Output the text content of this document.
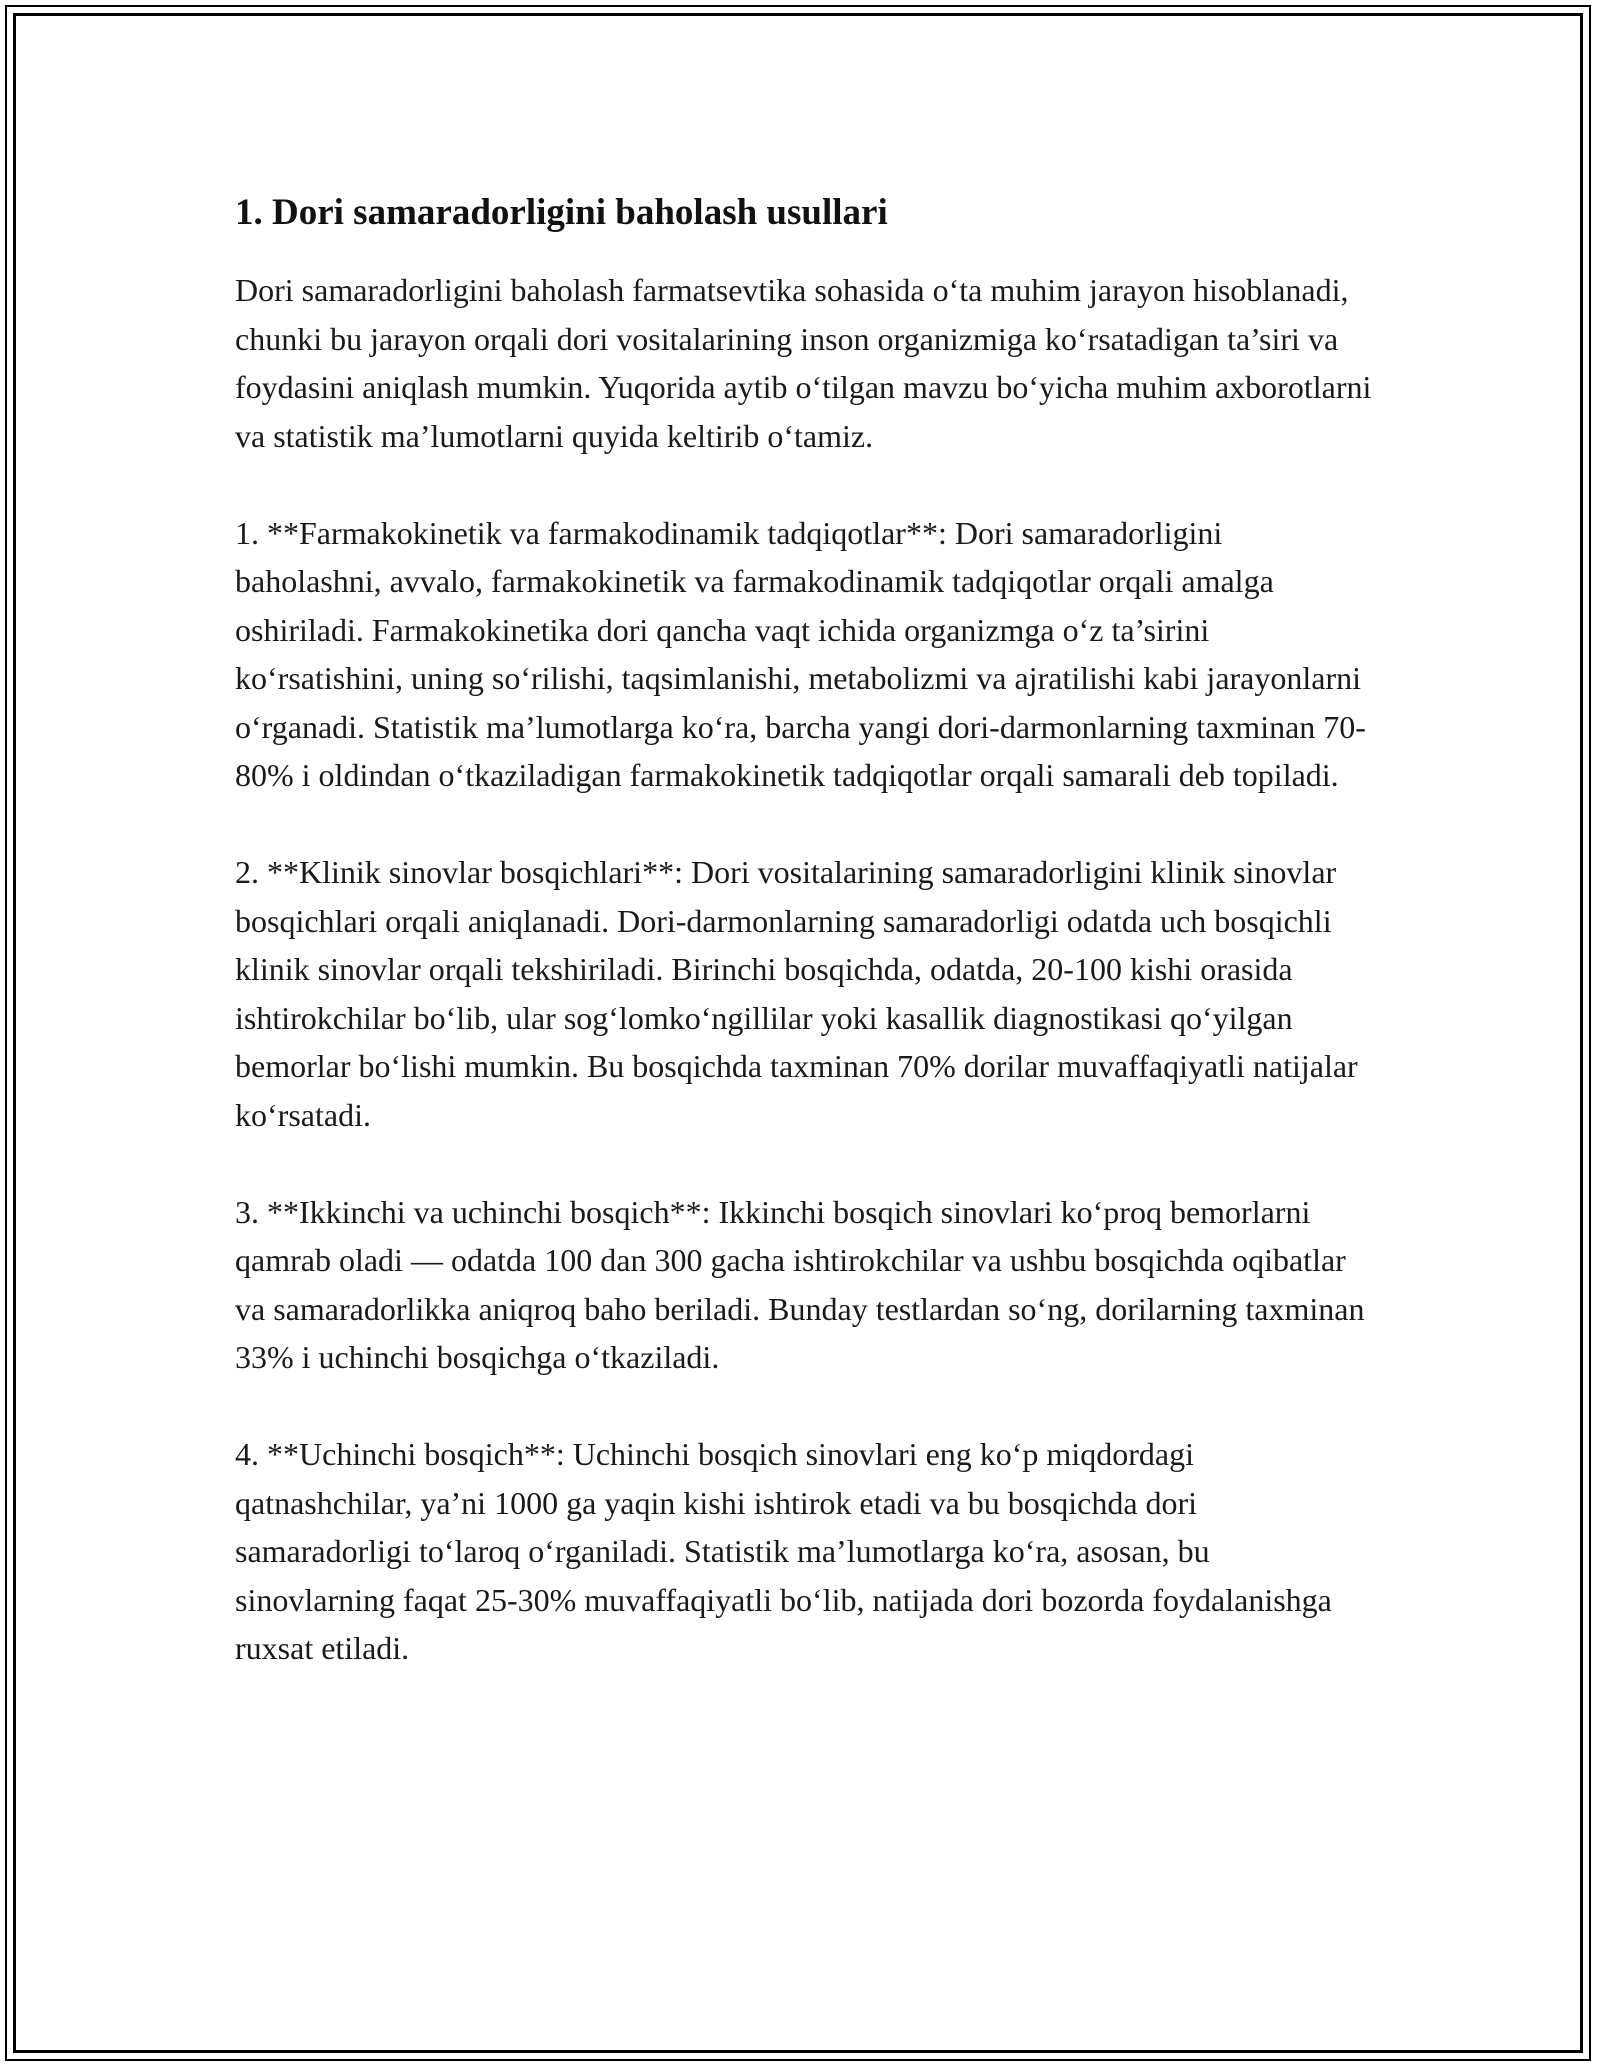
1. Dori samaradorligini baholash usullari

Dori samaradorligini baholash farmatsevtika sohasida o‘ta muhim jarayon hisoblanadi, chunki bu jarayon orqali dori vositalarining inson organizmiga ko‘rsatadigan ta’siri va foydasini aniqlash mumkin. Yuqorida aytib o‘tilgan mavzu bo‘yicha muhim axborotlarni va statistik ma’lumotlarni quyida keltirib o‘tamiz.

1. **Farmakokinetik va farmakodinamik tadqiqotlar**: Dori samaradorligini baholashni, avvalo, farmakokinetik va farmakodinamik tadqiqotlar orqali amalga oshiriladi. Farmakokinetika dori qancha vaqt ichida organizmga o‘z ta’sirini ko‘rsatishini, uning so‘rilishi, taqsimlanishi, metabolizmi va ajratilishi kabi jarayonlarni o‘rganadi. Statistik ma’lumotlarga ko‘ra, barcha yangi dori-darmonlarning taxminan 70-80% i oldindan o‘tkaziladigan farmakokinetik tadqiqotlar orqali samarali deb topiladi.

2. **Klinik sinovlar bosqichlari**: Dori vositalarining samaradorligini klinik sinovlar bosqichlari orqali aniqlanadi. Dori-darmonlarning samaradorligi odatda uch bosqichli klinik sinovlar orqali tekshiriladi. Birinchi bosqichda, odatda, 20-100 kishi orasida ishtirokchilar bo‘lib, ular sog‘lomko‘ngillilar yoki kasallik diagnostikasi qo‘yilgan bemorlar bo‘lishi mumkin. Bu bosqichda taxminan 70% dorilar muvaffaqiyatli natijalar ko‘rsatadi.

3. **Ikkinchi va uchinchi bosqich**: Ikkinchi bosqich sinovlari ko‘proq bemorlarni qamrab oladi — odatda 100 dan 300 gacha ishtirokchilar va ushbu bosqichda oqibatlar va samaradorlikka aniqroq baho beriladi. Bunday testlardan so‘ng, dorilarning taxminan 33% i uchinchi bosqichga o‘tkaziladi.

4. **Uchinchi bosqich**: Uchinchi bosqich sinovlari eng ko‘p miqdordagi qatnashchilar, ya’ni 1000 ga yaqin kishi ishtirok etadi va bu bosqichda dori samaradorligi to‘laroq o‘rganiladi. Statistik ma’lumotlarga ko‘ra, asosan, bu sinovlarning faqat 25-30% muvaffaqiyatli bo‘lib, natijada dori bozorda foydalanishga ruxsat etiladi.
